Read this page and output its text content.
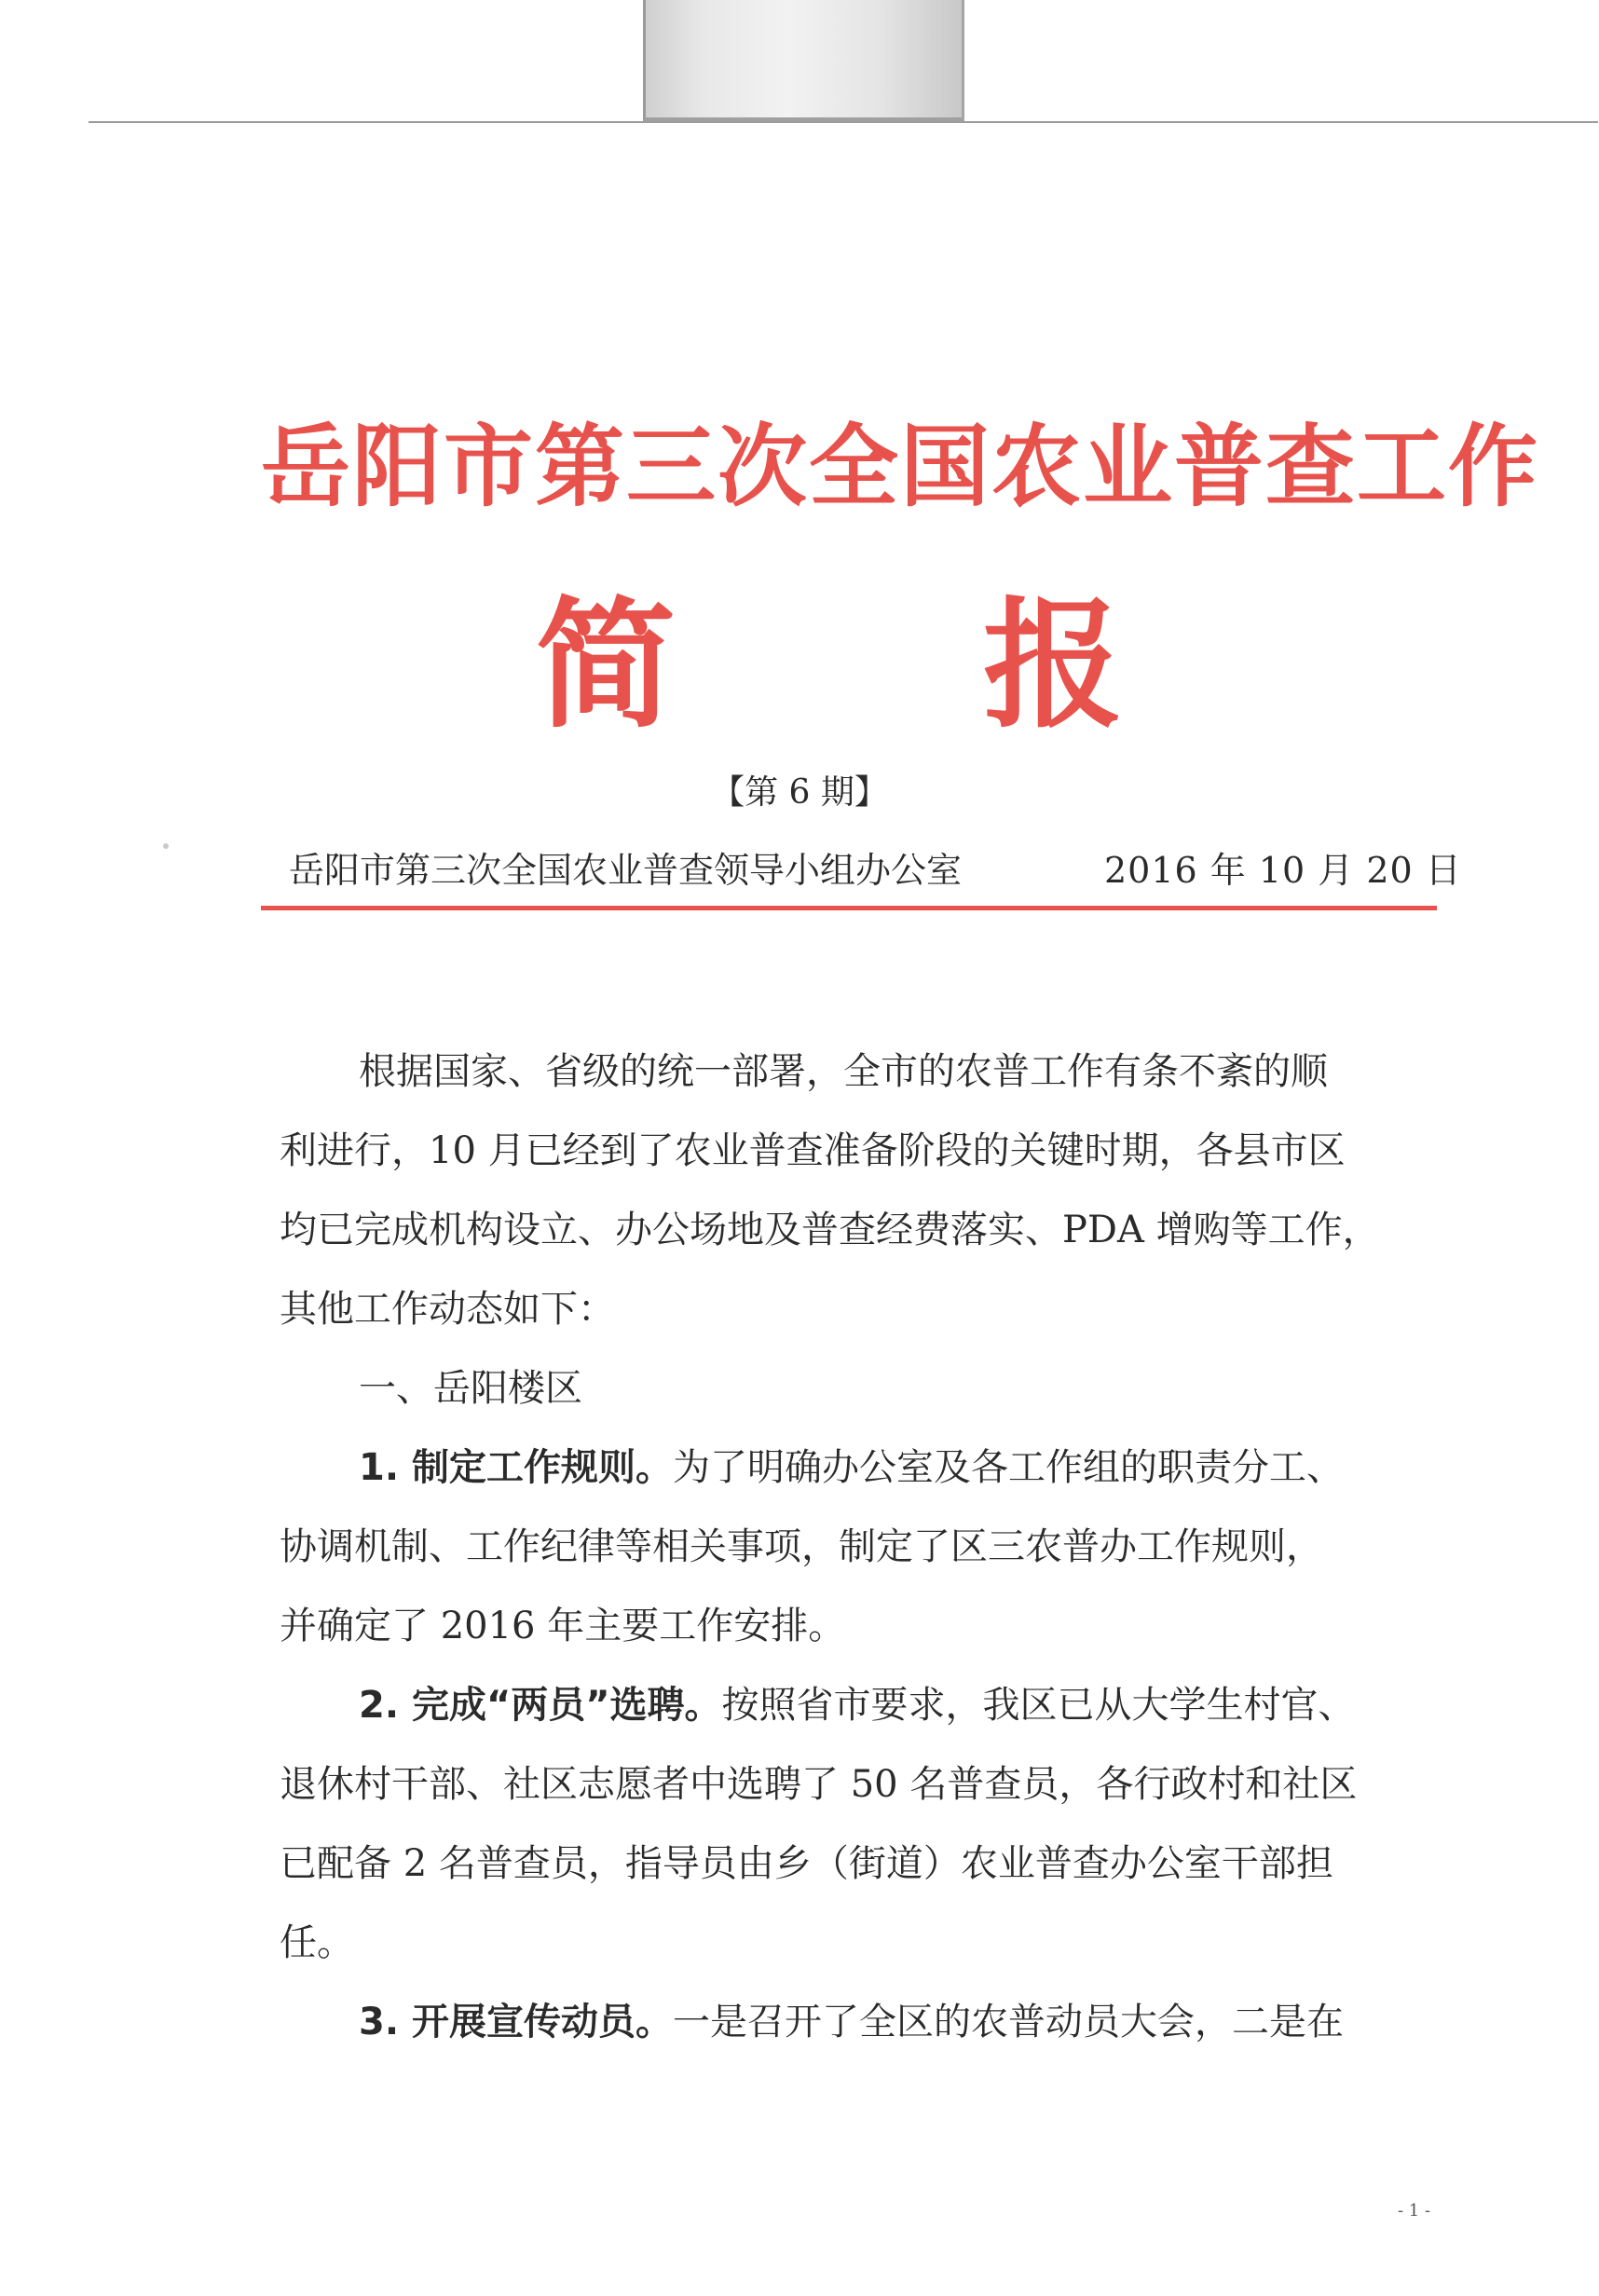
岳阳市第三次全国农业普查工作
简 报
【第 6 期】
岳阳市第三次全国农业普查领导小组办公室	2016 年 10 月 20 日
根据国家、省级的统一部署，全市的农普工作有条不紊的顺
利进行，10 月已经到了农业普查准备阶段的关键时期，各县市区
均已完成机构设立、办公场地及普查经费落实、PDA 增购等工作，
其他工作动态如下：
一、岳阳楼区
1. 制定工作规则。为了明确办公室及各工作组的职责分工、
协调机制、工作纪律等相关事项，制定了区三农普办工作规则，
并确定了 2016 年主要工作安排。
2. 完成“两员”选聘。按照省市要求，我区已从大学生村官、
退休村干部、社区志愿者中选聘了 50 名普查员，各行政村和社区
已配备 2 名普查员，指导员由乡（街道）农业普查办公室干部担
任。
3. 开展宣传动员。一是召开了全区的农普动员大会，二是在
- 1 -
